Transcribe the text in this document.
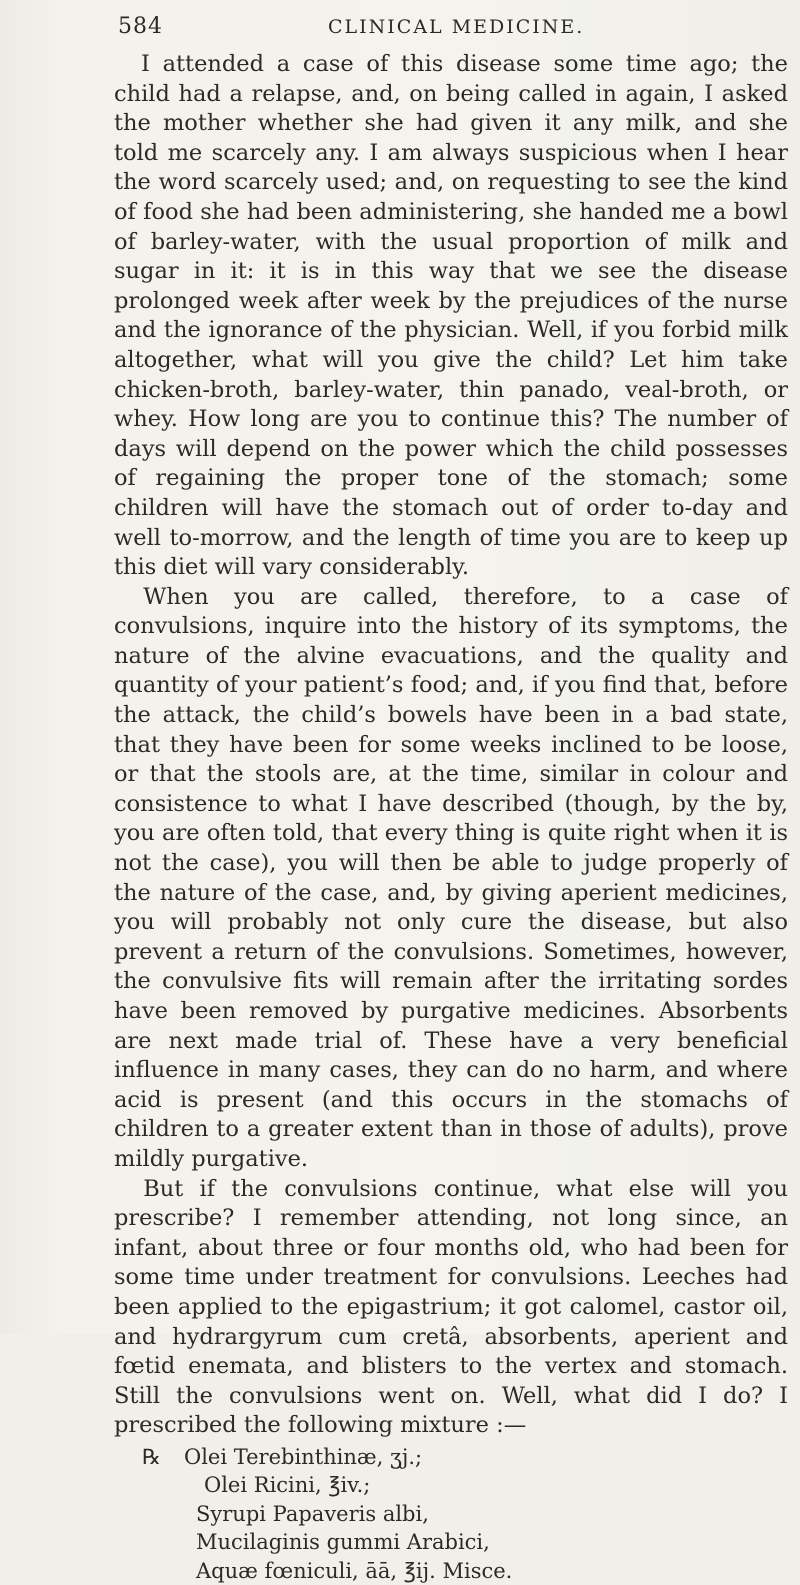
584	CLINICAL MEDICINE.

I attended a case of this disease some time ago; the child had a relapse, and, on being called in again, I asked the mother whether she had given it any milk, and she told me scarcely any. I am always suspicious when I hear the word scarcely used; and, on requesting to see the kind of food she had been administering, she handed me a bowl of barley-water, with the usual proportion of milk and sugar in it: it is in this way that we see the disease prolonged week after week by the prejudices of the nurse and the ignorance of the physician. Well, if you forbid milk altogether, what will you give the child? Let him take chicken-broth, barley-water, thin panado, veal-broth, or whey. How long are you to continue this? The number of days will depend on the power which the child possesses of regaining the proper tone of the stomach; some children will have the stomach out of order to-day and well to-morrow, and the length of time you are to keep up this diet will vary considerably.

When you are called, therefore, to a case of convulsions, inquire into the history of its symptoms, the nature of the alvine evacuations, and the quality and quantity of your patient’s food; and, if you find that, before the attack, the child’s bowels have been in a bad state, that they have been for some weeks inclined to be loose, or that the stools are, at the time, similar in colour and consistence to what I have described (though, by the by, you are often told, that every thing is quite right when it is not the case), you will then be able to judge properly of the nature of the case, and, by giving aperient medicines, you will probably not only cure the disease, but also prevent a return of the convulsions. Sometimes, however, the convulsive fits will remain after the irritating sordes have been removed by purgative medicines. Absorbents are next made trial of. These have a very beneficial influence in many cases, they can do no harm, and where acid is present (and this occurs in the stomachs of children to a greater extent than in those of adults), prove mildly purgative.

But if the convulsions continue, what else will you prescribe? I remember attending, not long since, an infant, about three or four months old, who had been for some time under treatment for convulsions. Leeches had been applied to the epigastrium; it got calomel, castor oil, and hydrargyrum cum cretâ, absorbents, aperient and fœtid enemata, and blisters to the vertex and stomach. Still the convulsions went on. Well, what did I do? I prescribed the following mixture :—

℞ Olei Terebinthinæ, ʒj.;
Olei Ricini, ℥iv.;
Syrupi Papaveris albi,
Mucilaginis gummi Arabici,
Aquæ fœniculi, āā, ℥ij. Misce.
